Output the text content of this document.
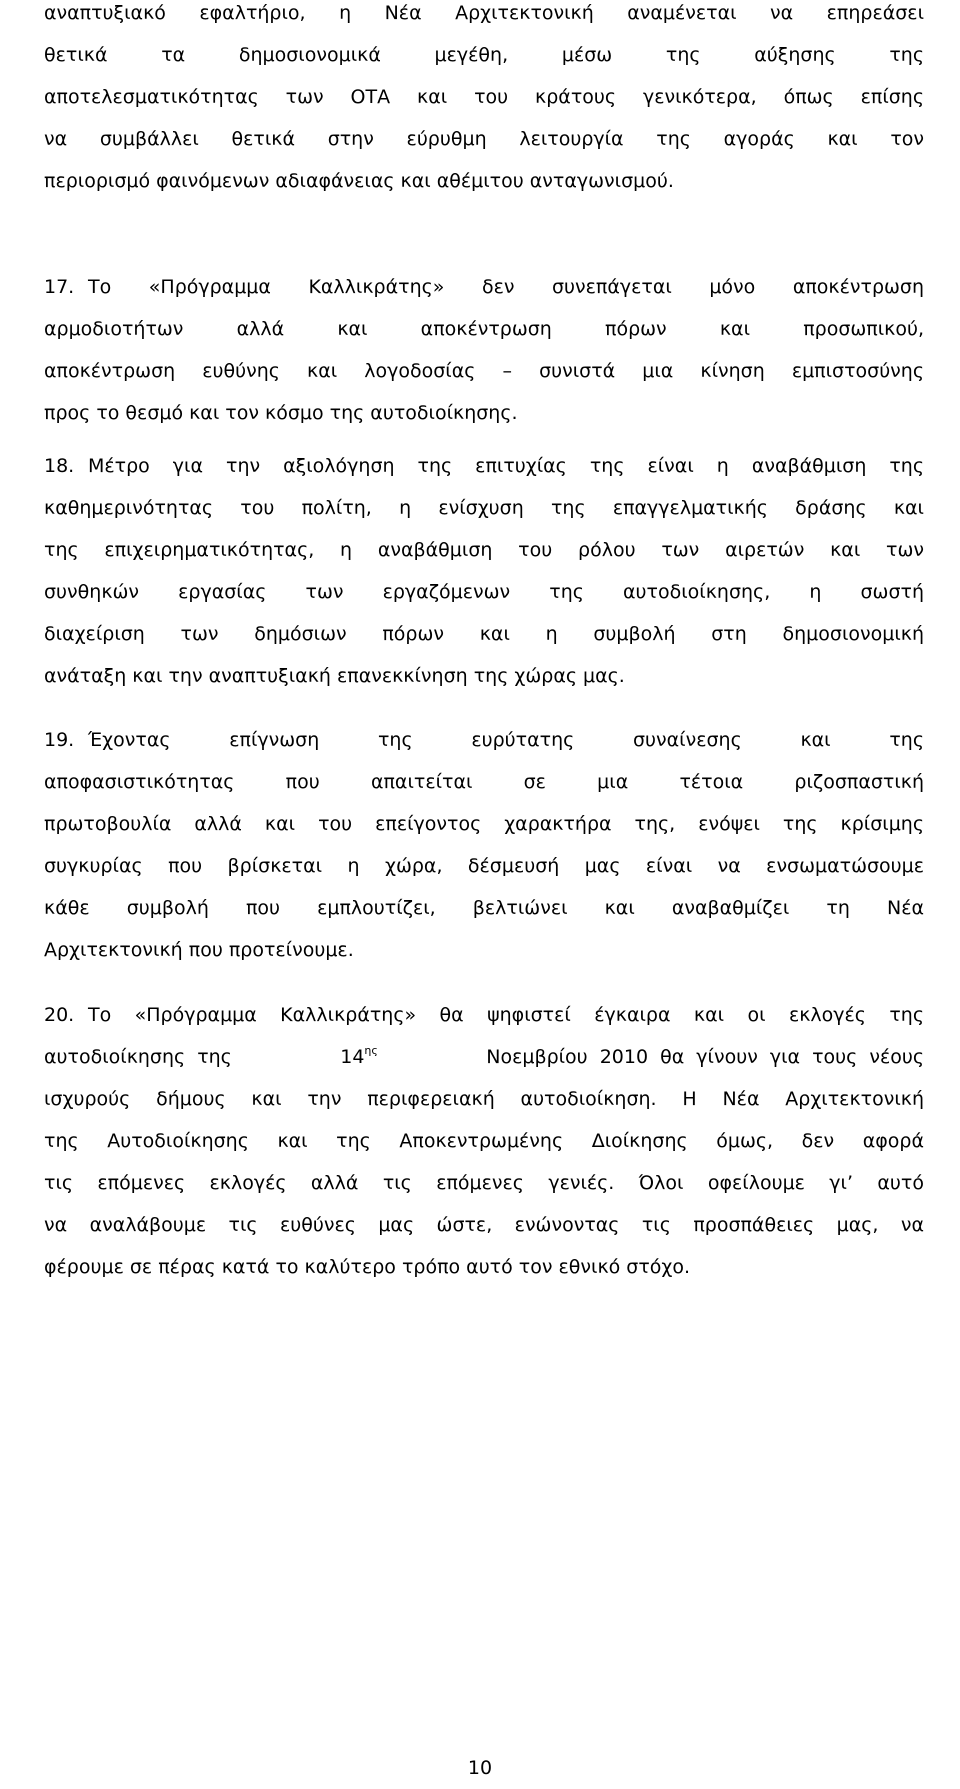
αναπτυξιακό εφαλτήριο, η Νέα Αρχιτεκτονική αναμένεται να επηρεάσει
θετικά τα δημοσιονομικά μεγέθη, μέσω της αύξησης της
αποτελεσματικότητας των ΟΤΑ και του κράτους γενικότερα, όπως επίσης
να συμβάλλει θετικά στην εύρυθμη λειτουργία της αγοράς και τον
περιορισμό φαινόμενων αδιαφάνειας και αθέμιτου ανταγωνισμού.
17. Το «Πρόγραμμα Καλλικράτης» δεν συνεπάγεται μόνο αποκέντρωση
αρμοδιοτήτων αλλά και αποκέντρωση πόρων και προσωπικού,
αποκέντρωση ευθύνης και λογοδοσίας – συνιστά μια κίνηση εμπιστοσύνης
προς το θεσμό και τον κόσμο της αυτοδιοίκησης.
18. Μέτρο για την αξιολόγηση της επιτυχίας της είναι η αναβάθμιση της
καθημερινότητας του πολίτη, η ενίσχυση της επαγγελματικής δράσης και
της επιχειρηματικότητας, η αναβάθμιση του ρόλου των αιρετών και των
συνθηκών εργασίας των εργαζόμενων της αυτοδιοίκησης, η σωστή
διαχείριση των δημόσιων πόρων και η συμβολή στη δημοσιονομική
ανάταξη και την αναπτυξιακή επανεκκίνηση της χώρας μας.
19. Έχοντας επίγνωση της ευρύτατης συναίνεσης και της
αποφασιστικότητας που απαιτείται σε μια τέτοια ριζοσπαστική
πρωτοβουλία αλλά και του επείγοντος χαρακτήρα της, ενόψει της κρίσιμης
συγκυρίας που βρίσκεται η χώρα, δέσμευσή μας είναι να ενσωματώσουμε
κάθε συμβολή που εμπλουτίζει, βελτιώνει και αναβαθμίζει τη Νέα
Αρχιτεκτονική που προτείνουμε.
20. Το «Πρόγραμμα Καλλικράτης» θα ψηφιστεί έγκαιρα και οι εκλογές της
αυτοδιοίκησης της	$14^{\eta\varsigma}$	Νοεμβρίου 2010 θα γίνουν για τους νέους
ισχυρούς δήμους και την περιφερειακή αυτοδιοίκηση. Η Νέα Αρχιτεκτονική
της Αυτοδιοίκησης και της Αποκεντρωμένης Διοίκησης όμως, δεν αφορά
τις επόμενες εκλογές αλλά τις επόμενες γενιές. Όλοι οφείλουμε γι’ αυτό
να αναλάβουμε τις ευθύνες μας ώστε, ενώνοντας τις προσπάθειες μας, να
φέρουμε σε πέρας κατά το καλύτερο τρόπο αυτό τον εθνικό στόχο.
10
